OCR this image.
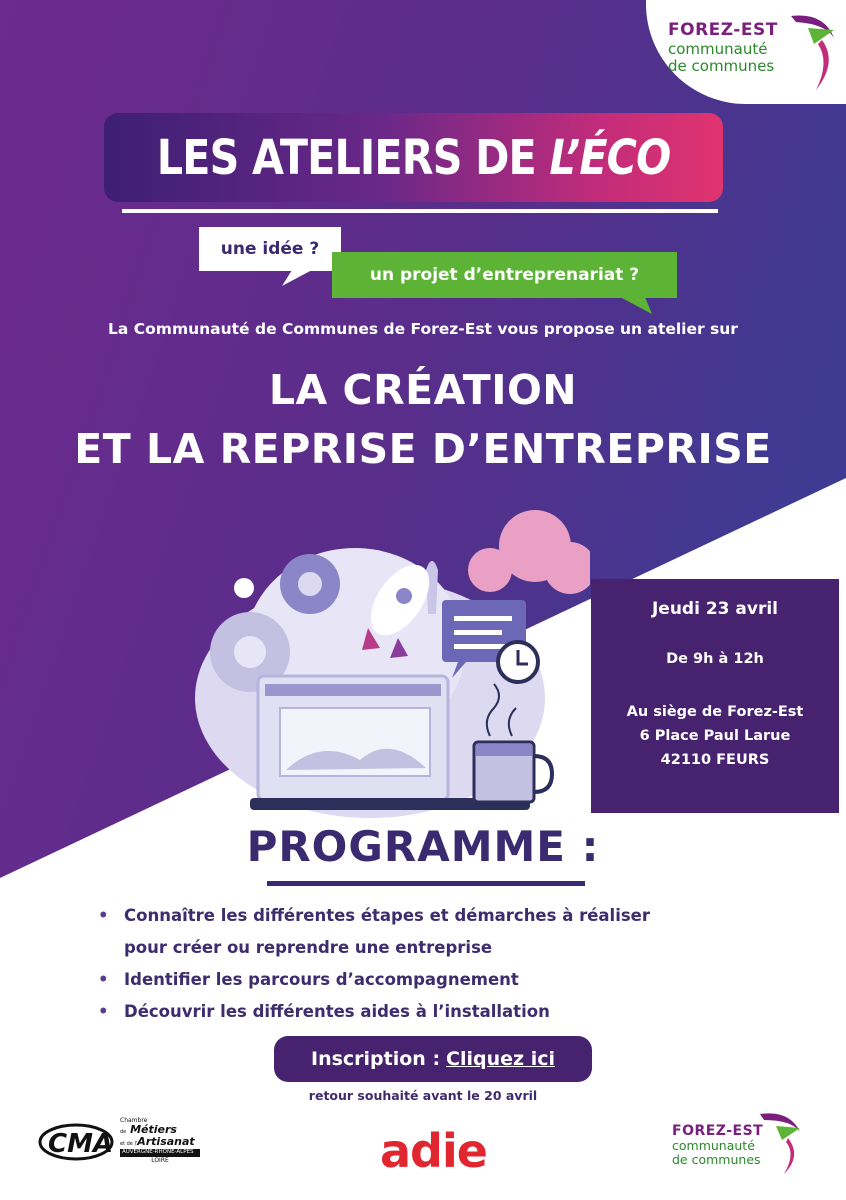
FOREZ-EST
communauté
de communes
LES ATELIERS DE L’ÉCO
une idée ?
un projet d’entreprenariat ?
La Communauté de Communes de Forez-Est vous propose un atelier sur
LA CRÉATION
ET LA REPRISE D’ENTREPRISE
Jeudi 23 avril
De 9h à 12h
Au siège de Forez-Est
6 Place Paul Larue
42110 FEURS
PROGRAMME :
• Connaître les différentes étapes et démarches à réaliser
pour créer ou reprendre une entreprise
• Identifier les parcours d’accompagnement
• Découvrir les différentes aides à l’installation
Inscription : Cliquez ici
retour souhaité avant le 20 avril
CMA
Chambre
de Métiers
et de l'Artisanat
AUVERGNE-RHÔNE-ALPES
LOIRE	adie	FOREZ-EST
communauté
de communes
